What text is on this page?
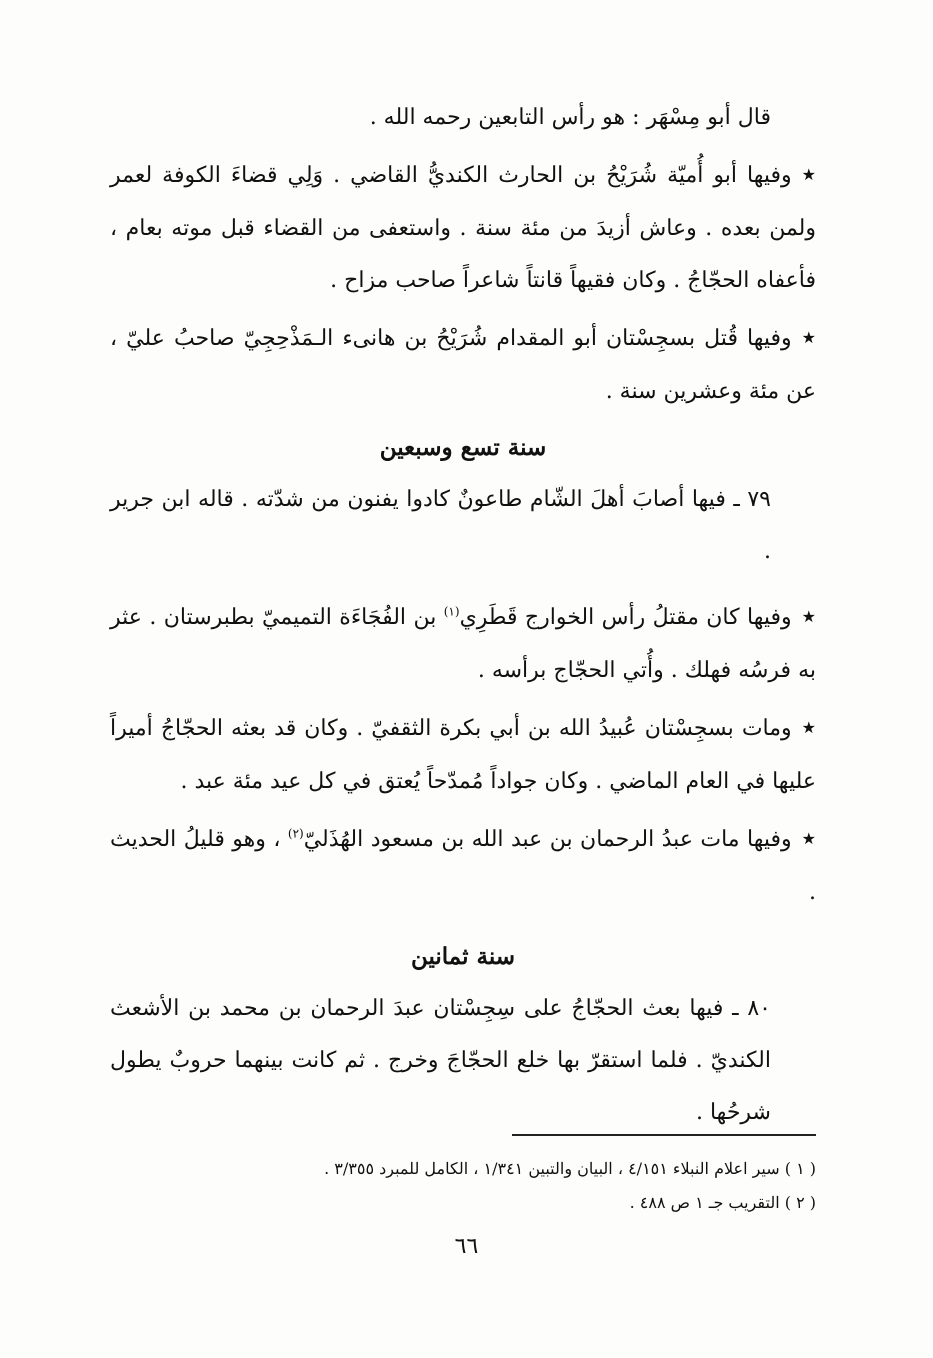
قال أبو مِسْهَر : هو رأس التابعين رحمه الله .

★وفيها أبو أُميّة شُرَيْحُ بن الحارث الكنديُّ القاضي . وَلِي قضاءَ الكوفة لعمر ولمن بعده . وعاش أزيدَ من مئة سنة . واستعفى من القضاء قبل موته بعام ، فأعفاه الحجّاجُ . وكان فقيهاً قانتاً شاعراً صاحب مزاح .

★وفيها قُتل بسجِسْتان أبو المقدام شُرَيْحُ بن هانىء الـمَذْحِجِيّ صاحبُ عليّ ، عن مئة وعشرين سنة .

سنة تسع وسبعين

٧٩ ـ فيها أصابَ أهلَ الشّام طاعونٌ كادوا يفنون من شدّته . قاله ابن جرير .

★وفيها كان مقتلُ رأس الخوارج قَطَرِي$^{(١)}$ بن الفُجَاءَة التميميّ بطبرستان . عثر به فرسُه فهلك . وأُتي الحجّاج برأسه .

★ومات بسجِسْتان عُبيدُ الله بن أبي بكرة الثقفيّ . وكان قد بعثه الحجّاجُ أميراً عليها في العام الماضي . وكان جواداً مُمدّحاً يُعتق في كل عيد مئة عبد .

★وفيها مات عبدُ الرحمان بن عبد الله بن مسعود الهُذَليّ$^{(٢)}$ ، وهو قليلُ الحديث .

سنة ثمانين

٨٠ ـ فيها بعث الحجّاجُ على سِجِسْتان عبدَ الرحمان بن محمد بن الأشعث الكنديّ . فلما استقرّ بها خلع الحجّاجَ وخرج . ثم كانت بينهما حروبٌ يطول شرحُها .

( ١ ) سير اعلام النبلاء ٤/١٥١ ، البيان والتبين ١/٣٤١ ، الكامل للمبرد ٣/٣٥٥ .

( ٢ ) التقريب جـ ١ ص ٤٨٨ .

٦٦
